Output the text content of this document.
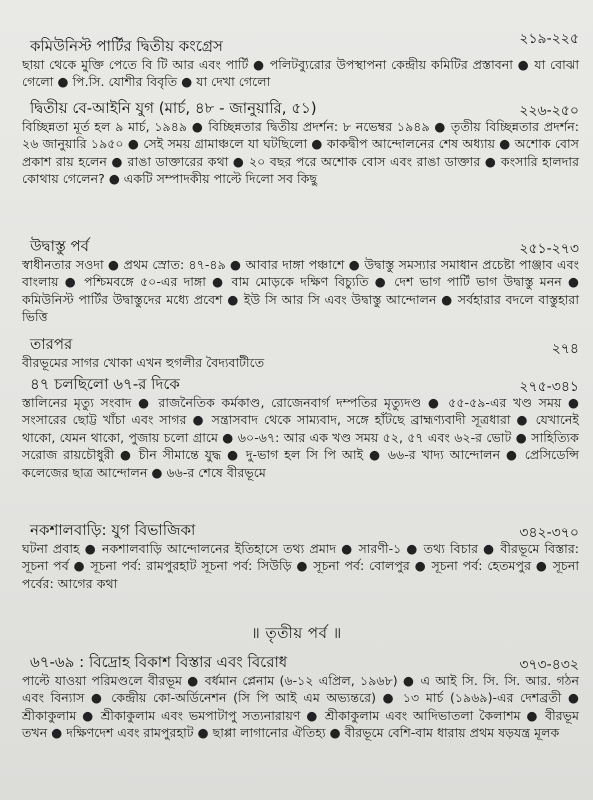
কমিউনিস্ট পার্টির দ্বিতীয় কংগ্রেস	২১৯-২২৫

ছায়া থেকে মুক্তি পেতে বি টি আর এবং পার্টি ● পলিটব্যুরোর উপস্থাপনা কেন্দ্রীয় কমিটির প্রস্তাবনা ● যা বোঝা গেলো ● পি.সি. যোশীর বিবৃতি ● যা দেখা গেলো

দ্বিতীয় বে-আইনি যুগ (মার্চ, ৪৮ - জানুয়ারি, ৫১)	২২৬-২৫০

বিচ্ছিন্নতা মূর্ত হল ৯ মার্চ, ১৯৪৯ ● বিচ্ছিন্নতার দ্বিতীয় প্রদর্শন: ৮ নভেম্বর ১৯৪৯ ● তৃতীয় বিচ্ছিন্নতার প্রদর্শন: ২৬ জানুয়ারি ১৯৫০ ● সেই সময় গ্রামাঞ্চলে যা ঘটছিলো ● কাকদ্বীপ আন্দোলনের শেষ অধ্যায় ● অশোক বোস প্রকাশ রায় হলেন ● রাঙা ডাক্তারের কথা ● ২০ বছর পরে অশোক বোস এবং রাঙা ডাক্তার ● কংসারি হালদার কোথায় গেলেন? ● একটি সম্পাদকীয় পাল্টে দিলো সব কিছু

উদ্বাস্তু পর্ব	২৫১-২৭৩

স্বাধীনতার সওদা ● প্রথম স্রোত: ৪৭-৪৯ ● আবার দাঙ্গা পঞ্চাশে ● উদ্বাস্তু সমস্যার সমাধান প্রচেষ্টা পাঞ্জাব এবং বাংলায় ● পশ্চিমবঙ্গে ৫০-এর দাঙ্গা ● বাম মোড়কে দক্ষিণ বিচ্যুতি ● দেশ ভাগ পার্টি ভাগ উদ্বাস্তু মনন ● কমিউনিস্ট পার্টির উদ্বাস্তুদের মধ্যে প্রবেশ ● ইউ সি আর সি এবং উদ্বাস্তু আন্দোলন ● সর্বহারার বদলে বাস্তুহারা ভিত্তি

তারপর	২৭৪

বীরভূমের সাগর খোকা এখন হুগলীর বৈদ্যবাটীতে

৪৭ চলছিলো ৬৭-র দিকে	২৭৫-৩৪১

স্তালিনের মৃত্যু সংবাদ ● রাজনৈতিক কর্মকাণ্ড, রোজেনবার্গ দম্পতির মৃত্যুদণ্ড ● ৫৫-৫৯-এর খণ্ড সময় ● সংসারের ছোট্ট খাঁচা এবং সাগর ● সন্ত্রাসবাদ থেকে সাম্যবাদ, সঙ্গে হাঁটছে ব্রাহ্মণ্যবাদী সূত্রধারা ● যেখানেই থাকো, যেমন থাকো, পুজায় চলো গ্রামে ● ৬০-৬৭: আর এক খণ্ড সময় ৫২, ৫৭ এবং ৬২-র ভোট ● সাহিত্যিক সরোজ রায়চৌধুরী ● চীন সীমান্তে যুদ্ধ ● দু-ভাগ হল সি পি আই ● ৬৬-র খাদ্য আন্দোলন ● প্রেসিডেন্সি কলেজের ছাত্র আন্দোলন ● ৬৬-র শেষে বীরভূমে

নকশালবাড়ি: যুগ বিভাজিকা	৩৪২-৩৭০

ঘটনা প্রবাহ ● নকশালবাড়ি আন্দোলনের ইতিহাসে তথ্য প্রমাদ ● সারণী-১ ● তথ্য বিচার ● বীরভূমে বিস্তার: সূচনা পর্ব ● সূচনা পর্ব: রামপুরহাট সূচনা পর্ব: সিউড়ি ● সূচনা পর্ব: বোলপুর ● সূচনা পর্ব: হেতমপুর ● সূচনা পর্বের: আগের কথা

॥ তৃতীয় পর্ব ॥
৬৭-৬৯ : বিদ্রোহ বিকাশ বিস্তার এবং বিরোধ	৩৭৩-৪৩২

পাল্টে যাওয়া পরিমণ্ডলে বীরভূম ● বর্ধমান প্লেনাম (৬-১২ এপ্রিল, ১৯৬৮) ● এ আই সি. সি. সি. আর. গঠন এবং বিন্যাস ● কেন্দ্রীয় কো-অর্ডিনেশন (সি পি আই এম অভ্যন্তরে) ● ১৩ মার্চ (১৯৬৯)-এর দেশব্রতী ● শ্রীকাকুলাম ● শ্রীকাকুলাম এবং ভমপাটাপু সত্যনারায়ণ ● শ্রীকাকুলাম এবং আদিভাতলা কৈলাশম ● বীরভূম তখন ● দক্ষিণদেশ এবং রামপুরহাট ● ছাপ্পা লাগানোর ঐতিহ্য ● বীরভূমে বেশি-বাম ধারায় প্রথম ষড়যন্ত্র মূলক
